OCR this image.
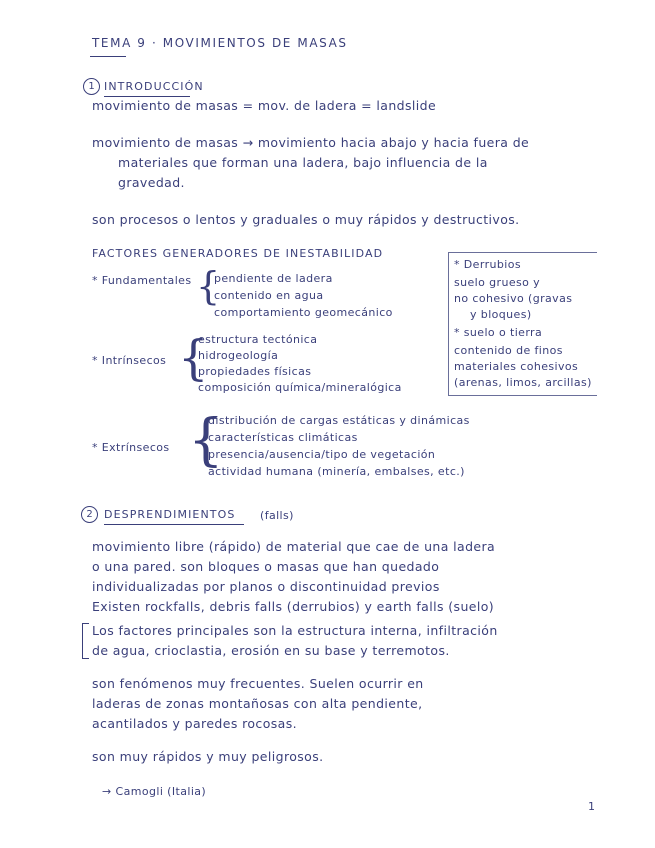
TEMA 9 · MOVIMIENTOS DE MASAS
1 INTRODUCCIÓN
movimiento de masas = mov. de ladera = landslide
movimiento de masas → movimiento hacia abajo y hacia fuera de
materiales que forman una ladera, bajo influencia de la
gravedad.
son procesos o lentos y graduales o muy rápidos y destructivos.
FACTORES GENERADORES DE INESTABILIDAD
* Fundamentales {
pendiente de ladera
contenido en agua
comportamiento geomecánico
* Intrínsecos {
estructura tectónica
hidrogeología
propiedades físicas
composición química/mineralógica
* Derrubios
suelo grueso y
no cohesivo (gravas
y bloques)
* suelo o tierra
contenido de finos
materiales cohesivos
(arenas, limos, arcillas)
* Extrínsecos {
distribución de cargas estáticas y dinámicas
características climáticas
presencia/ausencia/tipo de vegetación
actividad humana (minería, embalses, etc.)
2	DESPRENDIMIENTOS (falls)
movimiento libre (rápido) de material que cae de una ladera
o una pared. son bloques o masas que han quedado
individualizadas por planos o discontinuidad previos
Existen rockfalls, debris falls (derrubios) y earth falls (suelo)
Los factores principales son la estructura interna, infiltración
de agua, crioclastia, erosión en su base y terremotos.
son fenómenos muy frecuentes. Suelen ocurrir en
laderas de zonas montañosas con alta pendiente,
acantilados y paredes rocosas.
son muy rápidos y muy peligrosos.
→ Camogli (Italia)
1
